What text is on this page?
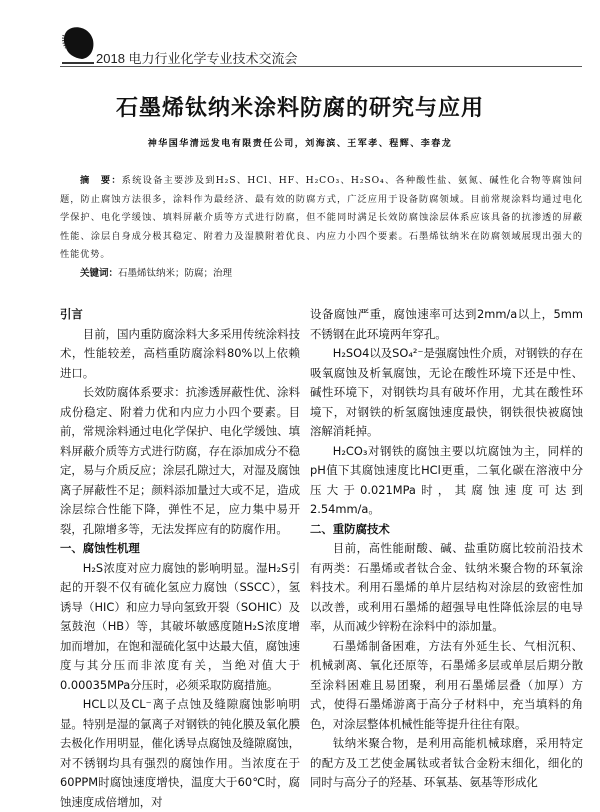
2018 电力行业化学专业技术交流会
石墨烯钛纳米涂料防腐的研究与应用
神华国华清远发电有限责任公司，刘海滨、王军孝、程辉、李春龙
摘　要：系统设备主要涉及到H₂S、HCl、HF、H₂CO₃、H₂SO₄、各种酸性盐、氨氮、碱性化合物等腐蚀问题，防止腐蚀方法很多，涂料作为最经济、最有效的防腐方式，广泛应用于设备防腐领域。目前常规涂料均通过电化学保护、电化学缓蚀、填料屏蔽介质等方式进行防腐，但不能同时满足长效防腐蚀涂层体系应该具备的抗渗透的屏蔽性能、涂层自身成分极其稳定、附着力及湿膜附着优良、内应力小四个要素。石墨烯钛纳米在防腐领域展现出强大的性能优势。
关键词：石墨烯钛纳米；防腐；治理
引言

目前，国内重防腐涂料大多采用传统涂料技术，性能较差，高档重防腐涂料80%以上依赖进口。

长效防腐体系要求：抗渗透屏蔽性优、涂料成份稳定、附着力优和内应力小四个要素。目前，常规涂料通过电化学保护、电化学缓蚀、填料屏蔽介质等方式进行防腐，存在添加成分不稳定，易与介质反应；涂层孔隙过大，对湿及腐蚀离子屏蔽性不足；颜料添加量过大或不足，造成涂层综合性能下降，弹性不足，应力集中易开裂，孔隙增多等，无法发挥应有的防腐作用。

一、腐蚀性机理

H₂S浓度对应力腐蚀的影响明显。湿H₂S引起的开裂不仅有硫化氢应力腐蚀（SSCC），氢诱导（HIC）和应力导向氢致开裂（SOHIC）及氢鼓泡（HB）等，其破坏敏感度随H₂S浓度增加而增加，在饱和湿硫化氢中达最大值，腐蚀速度与其分压而非浓度有关，当绝对值大于0.00035MPa分压时，必须采取防腐措施。

HCL以及CL⁻离子点蚀及缝隙腐蚀影响明显。特别是湿的氯离子对钢铁的钝化膜及氧化膜去极化作用明显，催化诱导点腐蚀及缝隙腐蚀，对不锈钢均具有强烈的腐蚀作用。当浓度在于60PPM时腐蚀速度增快，温度大于60℃时，腐蚀速度成倍增加，对

设备腐蚀严重，腐蚀速率可达到2mm/a以上，5mm不锈钢在此环境两年穿孔。

H₂SO4以及SO₄²⁻是强腐蚀性介质，对钢铁的存在吸氧腐蚀及析氧腐蚀，无论在酸性环境下还是中性、碱性环境下，对钢铁均具有破坏作用，尤其在酸性环境下，对钢铁的析氢腐蚀速度最快，钢铁很快被腐蚀溶解消耗掉。

H₂CO₃对钢铁的腐蚀主要以坑腐蚀为主，同样的pH值下其腐蚀速度比HCl更重，二氧化碳在溶液中分压大于0.021MPa时，其腐蚀速度可达到2.54mm/a。

二、重防腐技术

目前，高性能耐酸、碱、盐重防腐比较前沿技术有两类：石墨烯或者钛合金、钛纳米聚合物的环氧涂料技术。利用石墨烯的单片层结构对涂层的致密性加以改善，或利用石墨烯的超强导电性降低涂层的电导率，从而减少锌粉在涂料中的添加量。

石墨烯制备困难，方法有外延生长、气相沉积、机械剥离、氧化还原等，石墨烯多层或单层后期分散至涂料困难且易团聚，利用石墨烯层叠（加厚）方式，使得石墨烯游离于高分子材料中，充当填料的角色，对涂层整体机械性能等提升往往有限。

钛纳米聚合物，是利用高能机械球磨，采用特定的配方及工艺使金属钛或者钛合金粉末细化，细化的同时与高分子的羟基、环氧基、氨基等形成化
